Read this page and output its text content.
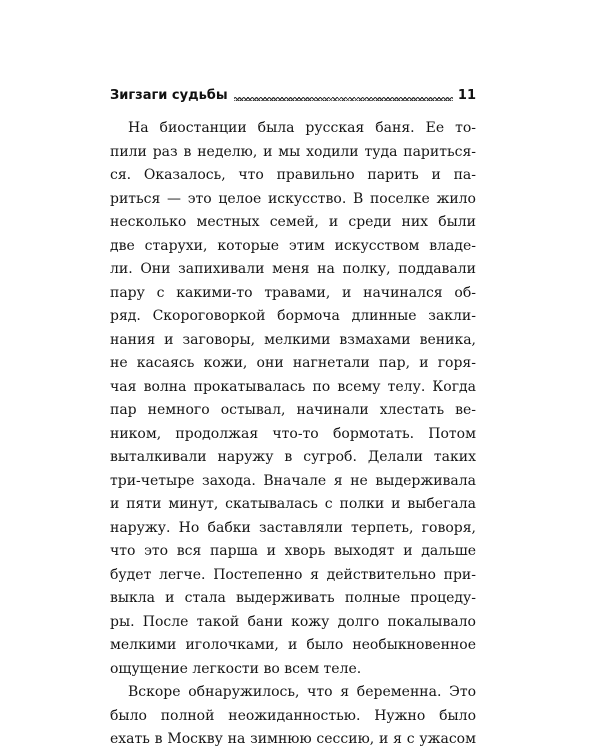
Зигзаги судьбы	11
На биостанции была русская баня. Ее то-
пили раз в неделю, и мы ходили туда париться-
ся. Оказалось, что правильно парить и па-
риться — это целое искусство. В поселке жило
несколько местных семей, и среди них были
две старухи, которые этим искусством владе-
ли. Они запихивали меня на полку, поддавали
пару с какими-то травами, и начинался об-
ряд. Скороговоркой бормоча длинные закли-
нания и заговоры, мелкими взмахами веника,
не касаясь кожи, они нагнетали пар, и горя-
чая волна прокатывалась по всему телу. Когда
пар немного остывал, начинали хлестать ве-
ником, продолжая что-то бормотать. Потом
выталкивали наружу в сугроб. Делали таких
три-четыре захода. Вначале я не выдерживала
и пяти минут, скатывалась с полки и выбегала
наружу. Но бабки заставляли терпеть, говоря,
что это вся парша и хворь выходят и дальше
будет легче. Постепенно я действительно при-
выкла и стала выдерживать полные процеду-
ры. После такой бани кожу долго покалывало
мелкими иголочками, и было необыкновенное
ощущение легкости во всем теле.
Вскоре обнаружилось, что я беременна. Это
было полной неожиданностью. Нужно было
ехать в Москву на зимнюю сессию, и я с ужасом
